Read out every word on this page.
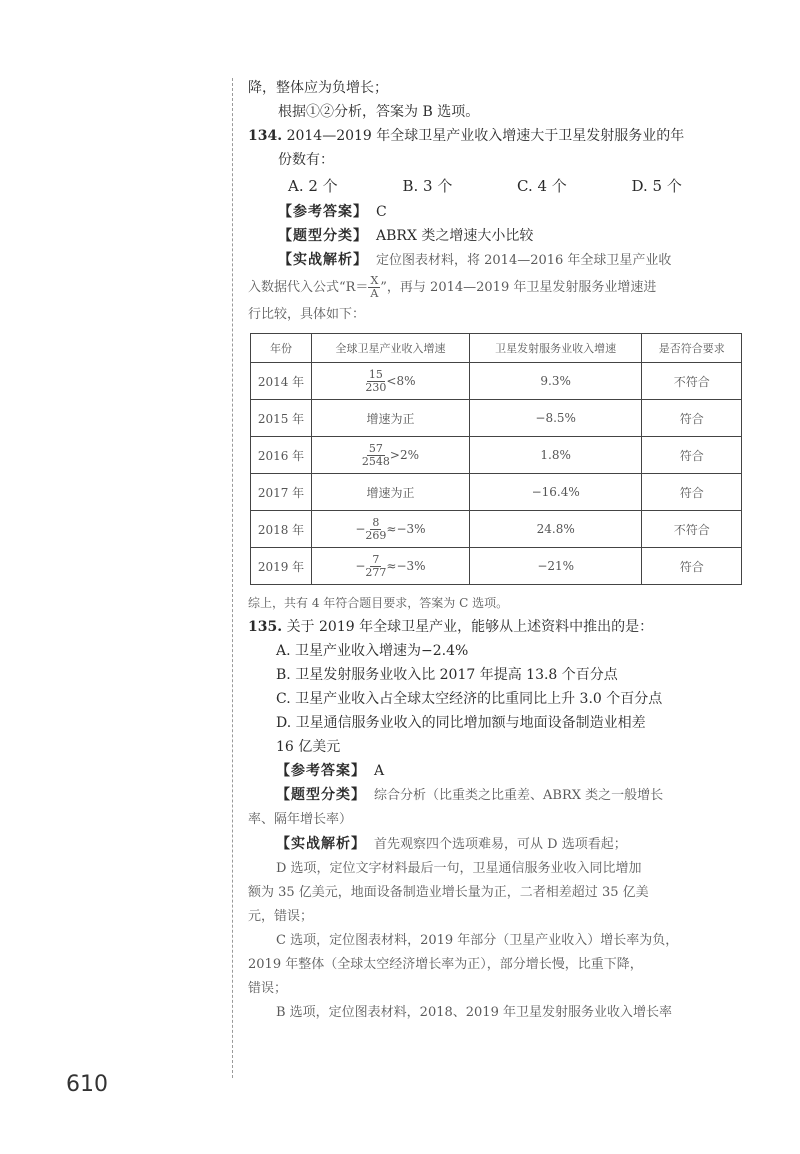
降，整体应为负增长；

根据①②分析，答案为 B 选项。

134. 2014—2019 年全球卫星产业收入增速大于卫星发射服务业的年

份数有：

A. 2 个	B. 3 个	C. 4 个	D. 5 个

【参考答案】 C

【题型分类】 ABRX 类之增速大小比较

【实战解析】 定位图表材料，将 2014—2016 年全球卫星产业收

入数据代入公式“$R= \frac{X}{A}$ ”，再与 2014—2019 年卫星发射服务业增速进

行比较，具体如下：

年份	全球卫星产业收入增速	卫星发射服务业收入增速	是否符合要求
2014 年	$\frac{15}{230} <8\%$	9.3%	不符合
2015 年	增速为正	−8.5%	符合
2016 年	$\frac{57}{2548} >2\%$	1.8%	符合
2017 年	增速为正	−16.4%	符合
2018 年	− $\frac{8}{269} \approx-3\%$	24.8%	不符合
2019 年	− $\frac{7}{277} \approx-3\%$	−21%	符合

综上，共有 4 年符合题目要求，答案为 C 选项。

135. 关于 2019 年全球卫星产业，能够从上述资料中推出的是：

A. 卫星产业收入增速为−2.4%

B. 卫星发射服务业收入比 2017 年提高 13.8 个百分点

C. 卫星产业收入占全球太空经济的比重同比上升 3.0 个百分点

D. 卫星通信服务业收入的同比增加额与地面设备制造业相差

16 亿美元

【参考答案】 A

【题型分类】 综合分析（比重类之比重差、ABRX 类之一般增长

率、隔年增长率）

【实战解析】 首先观察四个选项难易，可从 D 选项看起；

D 选项，定位文字材料最后一句，卫星通信服务业收入同比增加

额为 35 亿美元，地面设备制造业增长量为正，二者相差超过 35 亿美

元，错误；

C 选项，定位图表材料，2019 年部分（卫星产业收入）增长率为负，

2019 年整体（全球太空经济增长率为正），部分增长慢，比重下降，

错误；

B 选项，定位图表材料，2018、2019 年卫星发射服务业收入增长率

610
